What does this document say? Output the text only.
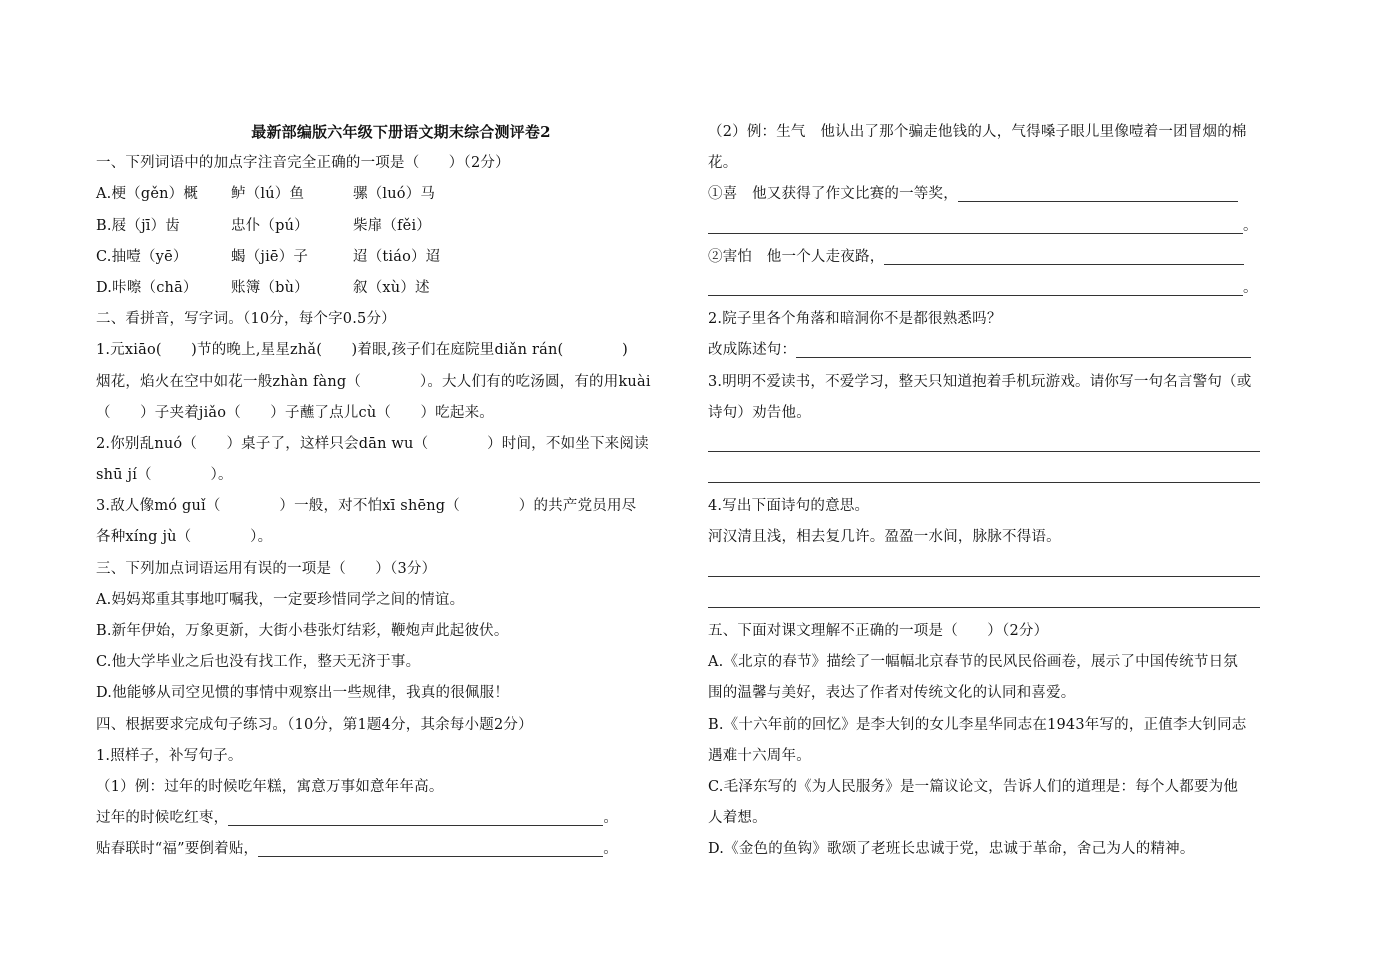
最新部编版六年级下册语文期末综合测评卷2
一、下列词语中的加点字注音完全正确的一项是（　　）（2分）
A.梗（gěn）概 鲈（lú）鱼	骡（luó）马
B.屐（jī）齿	忠仆（pú）	柴扉（fěi）
C.抽噎（yē）	蝎（jiē）子	迢（tiáo）迢
D.咔嚓（chā） 账簿（bù）	叙（xù）述
二、看拼音，写字词。（10分，每个字0.5分）
1.元xiāo(　　)节的晚上,星星zhǎ(　　)着眼,孩子们在庭院里diǎn rán(　　　　)
烟花，焰火在空中如花一般zhàn fàng（　　　　）。大人们有的吃汤圆，有的用kuài
（　　）子夹着jiǎo（　　）子蘸了点儿cù（　　）吃起来。
2.你别乱nuó（　　）桌子了，这样只会dān wu（　　　　）时间，不如坐下来阅读
shū jí（　　　　）。
3.敌人像mó guǐ（　　　　）一般，对不怕xī shēng（　　　　）的共产党员用尽
各种xíng jù（　　　　）。
三、下列加点词语运用有误的一项是（　　）（3分）
A.妈妈郑重其事地叮嘱我，一定要珍惜同学之间的情谊。
B.新年伊始，万象更新，大街小巷张灯结彩，鞭炮声此起彼伏。
C.他大学毕业之后也没有找工作，整天无济于事。
D.他能够从司空见惯的事情中观察出一些规律，我真的很佩服！
四、根据要求完成句子练习。（10分，第1题4分，其余每小题2分）
1.照样子，补写句子。
（1）例：过年的时候吃年糕，寓意万事如意年年高。
过年的时候吃红枣，	。
贴春联时“福”要倒着贴，	。
（2）例：生气　他认出了那个骗走他钱的人，气得嗓子眼儿里像噎着一团冒烟的棉
花。
①喜　他又获得了作文比赛的一等奖，
。
②害怕　他一个人走夜路，
。
2.院子里各个角落和暗洞你不是都很熟悉吗？
改成陈述句：
3.明明不爱读书，不爱学习，整天只知道抱着手机玩游戏。请你写一句名言警句（或
诗句）劝告他。
4.写出下面诗句的意思。
河汉清且浅，相去复几许。盈盈一水间，脉脉不得语。
五、下面对课文理解不正确的一项是（　　）（2分）
A.《北京的春节》描绘了一幅幅北京春节的民风民俗画卷，展示了中国传统节日氛
围的温馨与美好，表达了作者对传统文化的认同和喜爱。
B.《十六年前的回忆》是李大钊的女儿李星华同志在1943年写的，正值李大钊同志
遇难十六周年。
C.毛泽东写的《为人民服务》是一篇议论文，告诉人们的道理是：每个人都要为他
人着想。
D.《金色的鱼钩》歌颂了老班长忠诚于党，忠诚于革命，舍己为人的精神。
